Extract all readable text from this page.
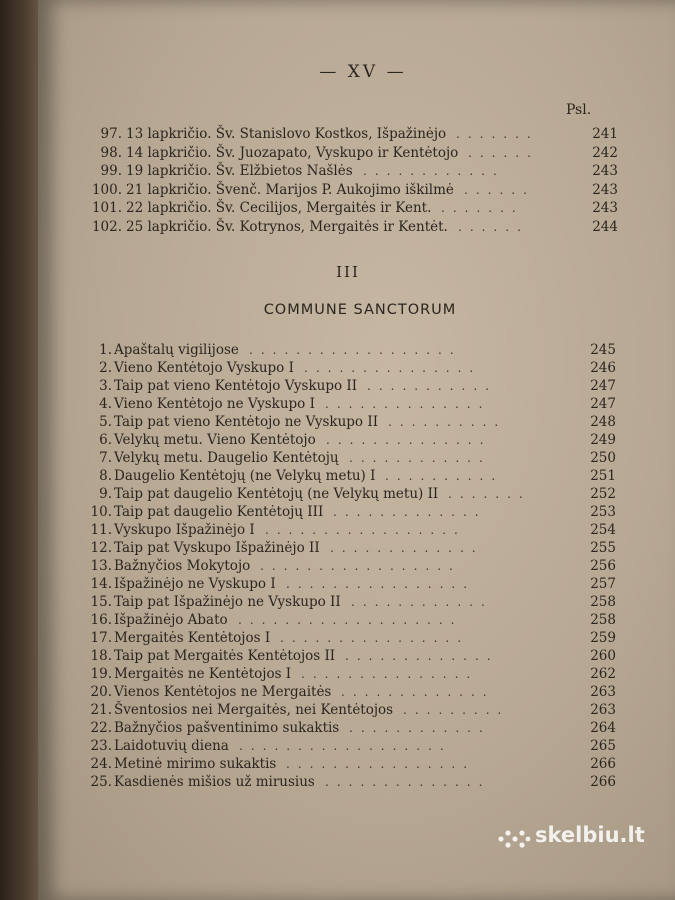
— XV —
Psl.
97. 13 lapkričio. Šv. Stanislovo Kostkos, Išpažinėjo .......	241
98. 14 lapkričio. Šv. Juozapato, Vyskupo ir Kentėtojo ......	242
99. 19 lapkričio. Šv. Elžbietos Našlės ............	243
100. 21 lapkričio. Švenč. Marijos P. Aukojimo iškilmė ......	243
101. 22 lapkričio. Šv. Cecilijos, Mergaitės ir Kent. .......	243
102. 25 lapkričio. Šv. Kotrynos, Mergaitės ir Kentėt. ......	244
III
COMMUNE SANCTORUM
1. Apaštalų vigilijose ..................	245
2. Vieno Kentėtojo Vyskupo I ...............	246
3. Taip pat vieno Kentėtojo Vyskupo II ...........	247
4. Vieno Kentėtojo ne Vyskupo I ..............	247
5. Taip pat vieno Kentėtojo ne Vyskupo II ..........	248
6. Velykų metu. Vieno Kentėtojo ..............	249
7. Velykų metu. Daugelio Kentėtojų ............	250
8. Daugelio Kentėtojų (ne Velykų metu) I ..........	251
9. Taip pat daugelio Kentėtojų (ne Velykų metu) II .......	252
10. Taip pat daugelio Kentėtojų III .............	253
11. Vyskupo Išpažinėjo I .................	254
12. Taip pat Vyskupo Išpažinėjo II .............	255
13. Bažnyčios Mokytojo .................	256
14. Išpažinėjo ne Vyskupo I ................	257
15. Taip pat Išpažinėjo ne Vyskupo II ............	258
16. Išpažinėjo Abato ...................	258
17. Mergaitės Kentėtojos I ................	259
18. Taip pat Mergaitės Kentėtojos II .............	260
19. Mergaitės ne Kentėtojos I ...............	262
20. Vienos Kentėtojos ne Mergaitės .............	263
21. Šventosios nei Mergaitės, nei Kentėtojos .........	263
22. Bažnyčios pašventinimo sukaktis ............	264
23. Laidotuvių diena ..................	265
24. Metinė mirimo sukaktis ................	266
25. Kasdienės mišios už mirusius ..............	266
skelbiu.lt
